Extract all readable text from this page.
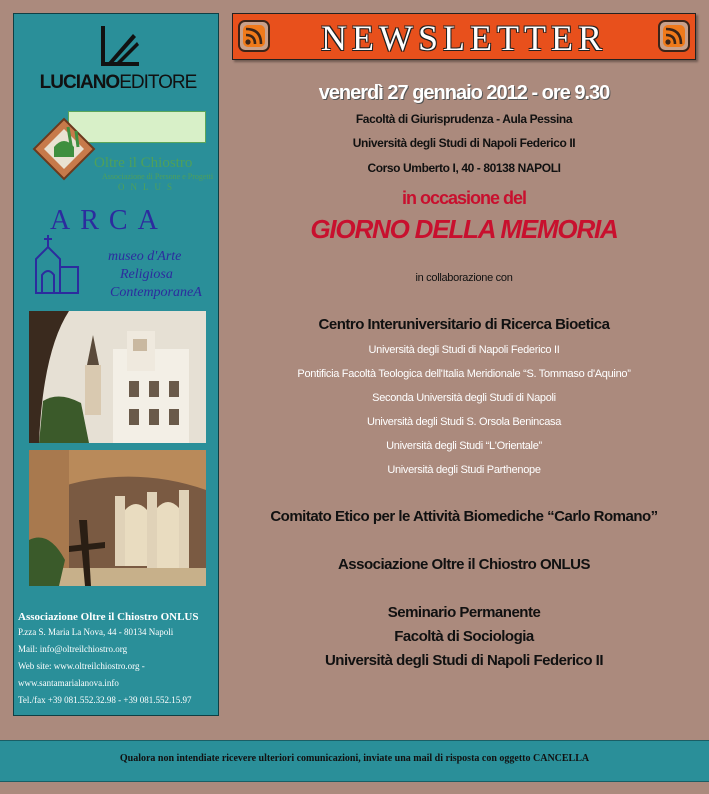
LUCIANOEDITORE
Oltre il Chiostro
Associazione di Persone e Progetti
ONLUS
ARCA
museo d'Arte
Religiosa
ContemporaneA
Associazione Oltre il Chiostro ONLUS
P.zza S. Maria La Nova, 44 - 80134 Napoli
Mail: info@oltreilchiostro.org
Web site: www.oltreilchiostro.org -
www.santamarialanova.info
Tel./fax +39 081.552.32.98 - +39 081.552.15.97
NEWSLETTER
venerdì 27 gennaio 2012 - ore 9.30
Facoltà di Giurisprudenza - Aula Pessina
Università degli Studi di Napoli Federico II
Corso Umberto I, 40 - 80138 NAPOLI
in occasione del
GIORNO DELLA MEMORIA
in collaborazione con
Centro Interuniversitario di Ricerca Bioetica
Università degli Studi di Napoli Federico II
Pontificia Facoltà Teologica dell'Italia Meridionale “S. Tommaso d'Aquino”
Seconda Università degli Studi di Napoli
Università degli Studi S. Orsola Benincasa
Università degli Studi “L'Orientale”
Università degli Studi Parthenope
Comitato Etico per le Attività Biomediche “Carlo Romano”
Associazione Oltre il Chiostro ONLUS
Seminario Permanente
Facoltà di Sociologia
Università degli Studi di Napoli Federico II
Qualora non intendiate ricevere ulteriori comunicazioni, inviate una mail di risposta con oggetto CANCELLA
